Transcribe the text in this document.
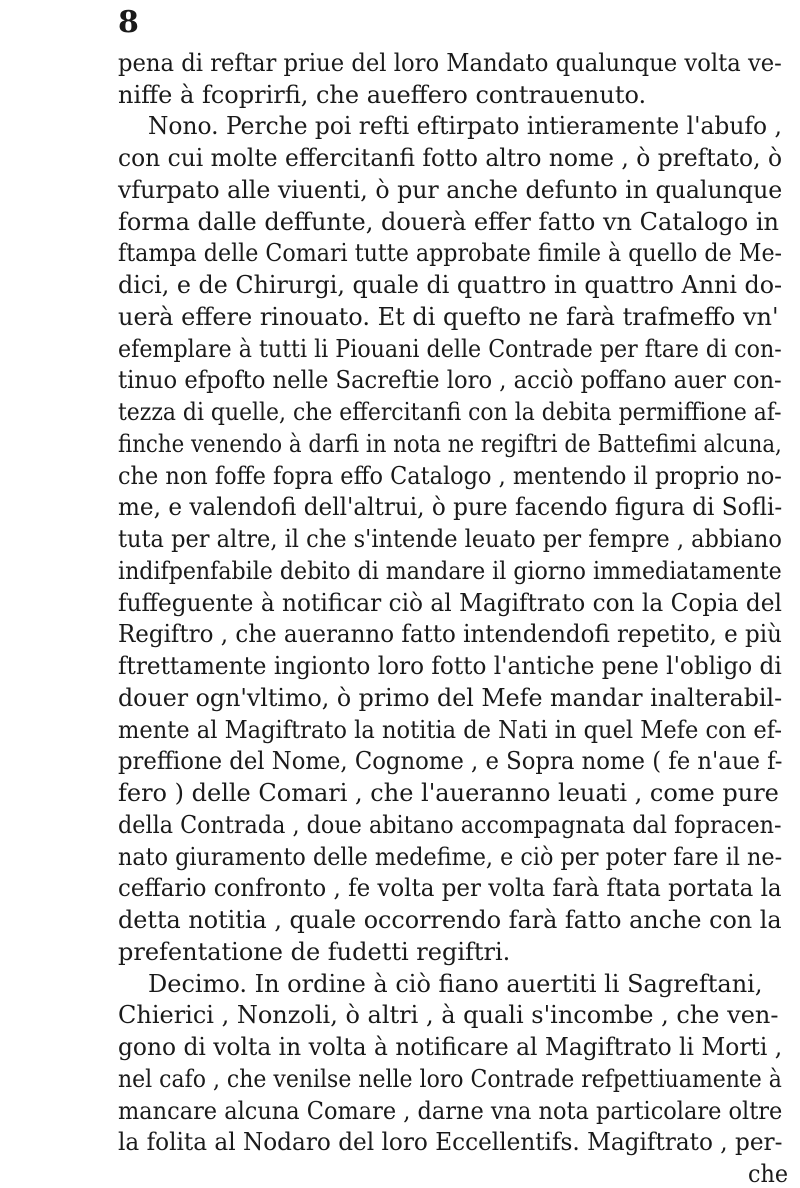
8
pena di reftar priue del loro Mandato qualunque volta ve-
niffe à fcoprirfi, che aueffero contrauenuto.
Nono. Perche poi refti eftirpato intieramente l'abufo ,
con cui molte effercitanfi fotto altro nome , ò preftato, ò
vfurpato alle viuenti, ò pur anche defunto in qualunque
forma dalle deffunte, douerà effer fatto vn Catalogo in
ftampa delle Comari tutte approbate fimile à quello de Me-
dici, e de Chirurgi, quale di quattro in quattro Anni do-
uerà effere rinouato. Et di quefto ne farà trafmeffo vn'
efemplare à tutti li Piouani delle Contrade per ftare di con-
tinuo efpofto nelle Sacreftie loro , acciò poffano auer con-
tezza di quelle, che effercitanfi con la debita permiffione af-
finche venendo à darfi in nota ne regiftri de Battefimi alcuna,
che non foffe fopra effo Catalogo , mentendo il proprio no-
me, e valendofi dell'altrui, ò pure facendo figura di Sofli-
tuta per altre, il che s'intende leuato per fempre , abbiano
indifpenfabile debito di mandare il giorno immediatamente
fuffeguente à notificar ciò al Magiftrato con la Copia del
Regiftro , che aueranno fatto intendendofi repetito, e più
ftrettamente ingionto loro fotto l'antiche pene l'obligo di
douer ogn'vltimo, ò primo del Mefe mandar inalterabil-
mente al Magiftrato la notitia de Nati in quel Mefe con ef-
preffione del Nome, Cognome , e Sopra nome ( fe n'aue f-
fero ) delle Comari , che l'aueranno leuati , come pure
della Contrada , doue abitano accompagnata dal fopracen-
nato giuramento delle medefime, e ciò per poter fare il ne-
ceffario confronto , fe volta per volta farà ftata portata la
detta notitia , quale occorrendo farà fatto anche con la
prefentatione de fudetti regiftri.
Decimo. In ordine à ciò fiano auertiti li Sagreftani,
Chierici , Nonzoli, ò altri , à quali s'incombe , che ven-
gono di volta in volta à notificare al Magiftrato li Morti ,
nel cafo , che venilse nelle loro Contrade refpettiuamente à
mancare alcuna Comare , darne vna nota particolare oltre
la folita al Nodaro del loro Eccellentifs. Magiftrato , per-
che
